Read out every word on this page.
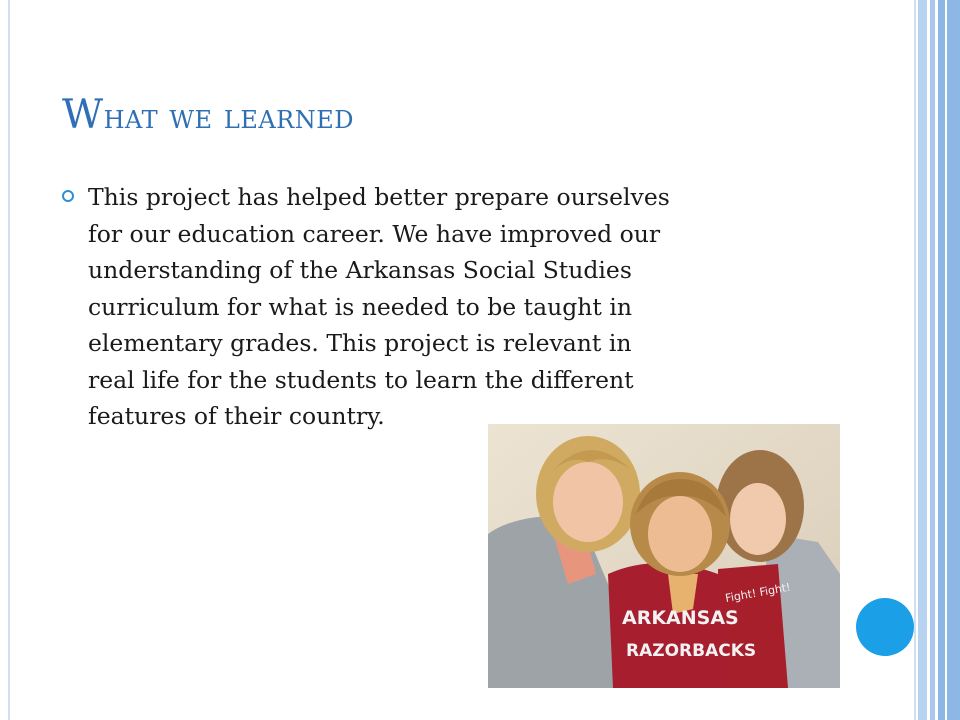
What we learned
This project has helped better prepare ourselves
for our education career. We have improved our
understanding of the Arkansas Social Studies
curriculum for what is needed to be taught in
elementary grades. This project is relevant in
real life for the students to learn the different
features of their country.
ARKANSAS
RAZORBACKS
Fight! Fight!
